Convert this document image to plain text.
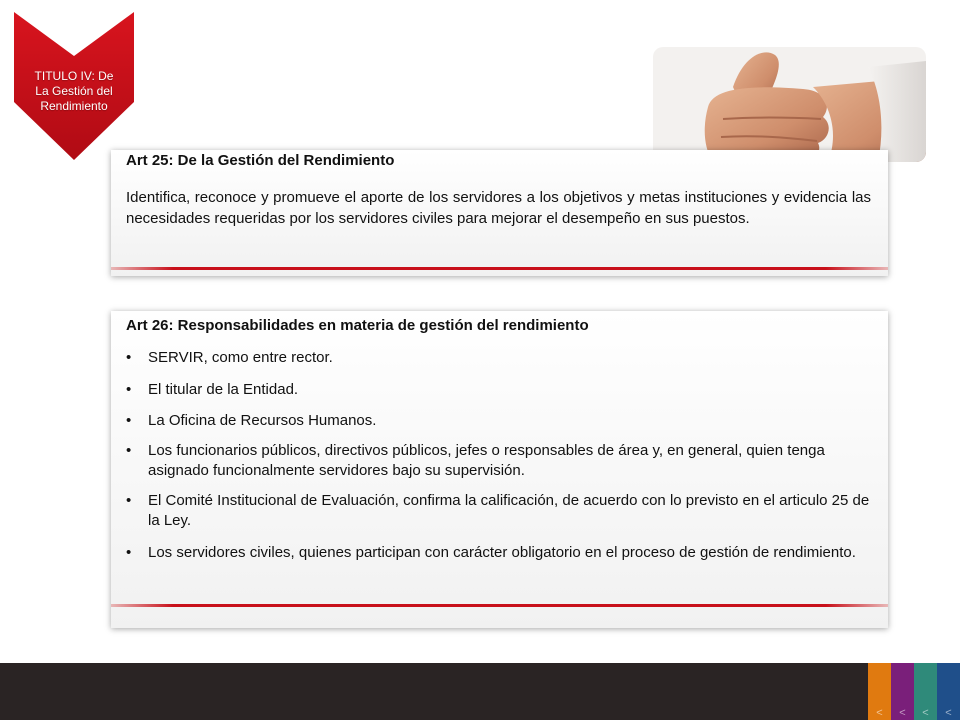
TITULO IV: De
La Gestión del
Rendimiento
Art 25: De la Gestión del Rendimiento
Identifica, reconoce y promueve el aporte de los servidores a los objetivos y metas instituciones y evidencia las necesidades requeridas por los servidores civiles para mejorar el desempeño en sus puestos.
Art 26: Responsabilidades en materia de gestión del rendimiento
• SERVIR, como entre rector.
• El titular de la Entidad.
• La Oficina de Recursos Humanos.
• Los funcionarios públicos, directivos públicos, jefes o responsables de área y, en general, quien tenga asignado funcionalmente servidores bajo su supervisión.
• El Comité Institucional de Evaluación, confirma la calificación, de acuerdo con lo previsto en el articulo 25 de la Ley.
• Los servidores civiles, quienes participan con carácter obligatorio en el proceso de gestión de rendimiento.
< < < <
